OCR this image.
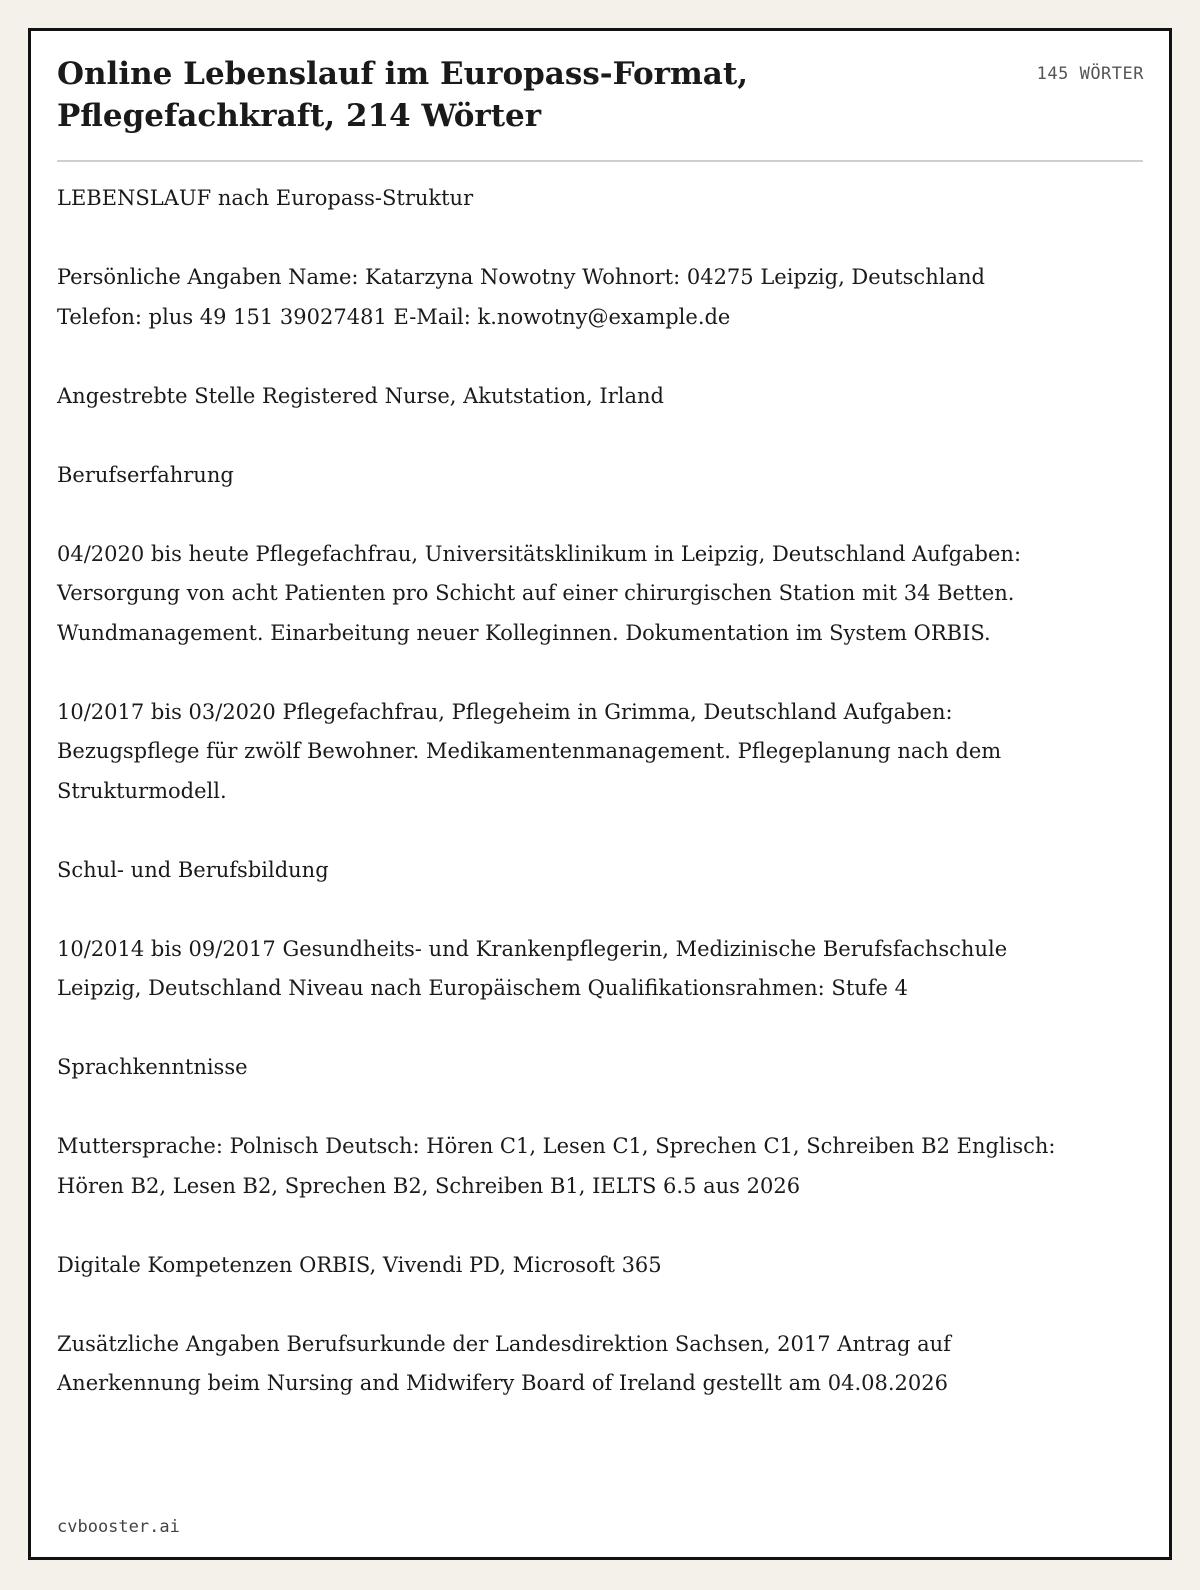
Online Lebenslauf im Europass-Format, Pflegefachkraft, 214 Wörter
145 WÖRTER

LEBENSLAUF nach Europass-Struktur

Persönliche Angaben Name: Katarzyna Nowotny Wohnort: 04275 Leipzig, Deutschland Telefon: plus 49 151 39027481 E-Mail: k.nowotny@example.de

Angestrebte Stelle Registered Nurse, Akutstation, Irland

Berufserfahrung

04/2020 bis heute Pflegefachfrau, Universitätsklinikum in Leipzig, Deutschland Aufgaben: Versorgung von acht Patienten pro Schicht auf einer chirurgischen Station mit 34 Betten. Wundmanagement. Einarbeitung neuer Kolleginnen. Dokumentation im System ORBIS.

10/2017 bis 03/2020 Pflegefachfrau, Pflegeheim in Grimma, Deutschland Aufgaben: Bezugspflege für zwölf Bewohner. Medikamentenmanagement. Pflegeplanung nach dem Strukturmodell.

Schul- und Berufsbildung

10/2014 bis 09/2017 Gesundheits- und Krankenpflegerin, Medizinische Berufsfachschule Leipzig, Deutschland Niveau nach Europäischem Qualifikationsrahmen: Stufe 4

Sprachkenntnisse

Muttersprache: Polnisch Deutsch: Hören C1, Lesen C1, Sprechen C1, Schreiben B2 Englisch: Hören B2, Lesen B2, Sprechen B2, Schreiben B1, IELTS 6.5 aus 2026

Digitale Kompetenzen ORBIS, Vivendi PD, Microsoft 365

Zusätzliche Angaben Berufsurkunde der Landesdirektion Sachsen, 2017 Antrag auf Anerkennung beim Nursing and Midwifery Board of Ireland gestellt am 04.08.2026

cvbooster.ai
